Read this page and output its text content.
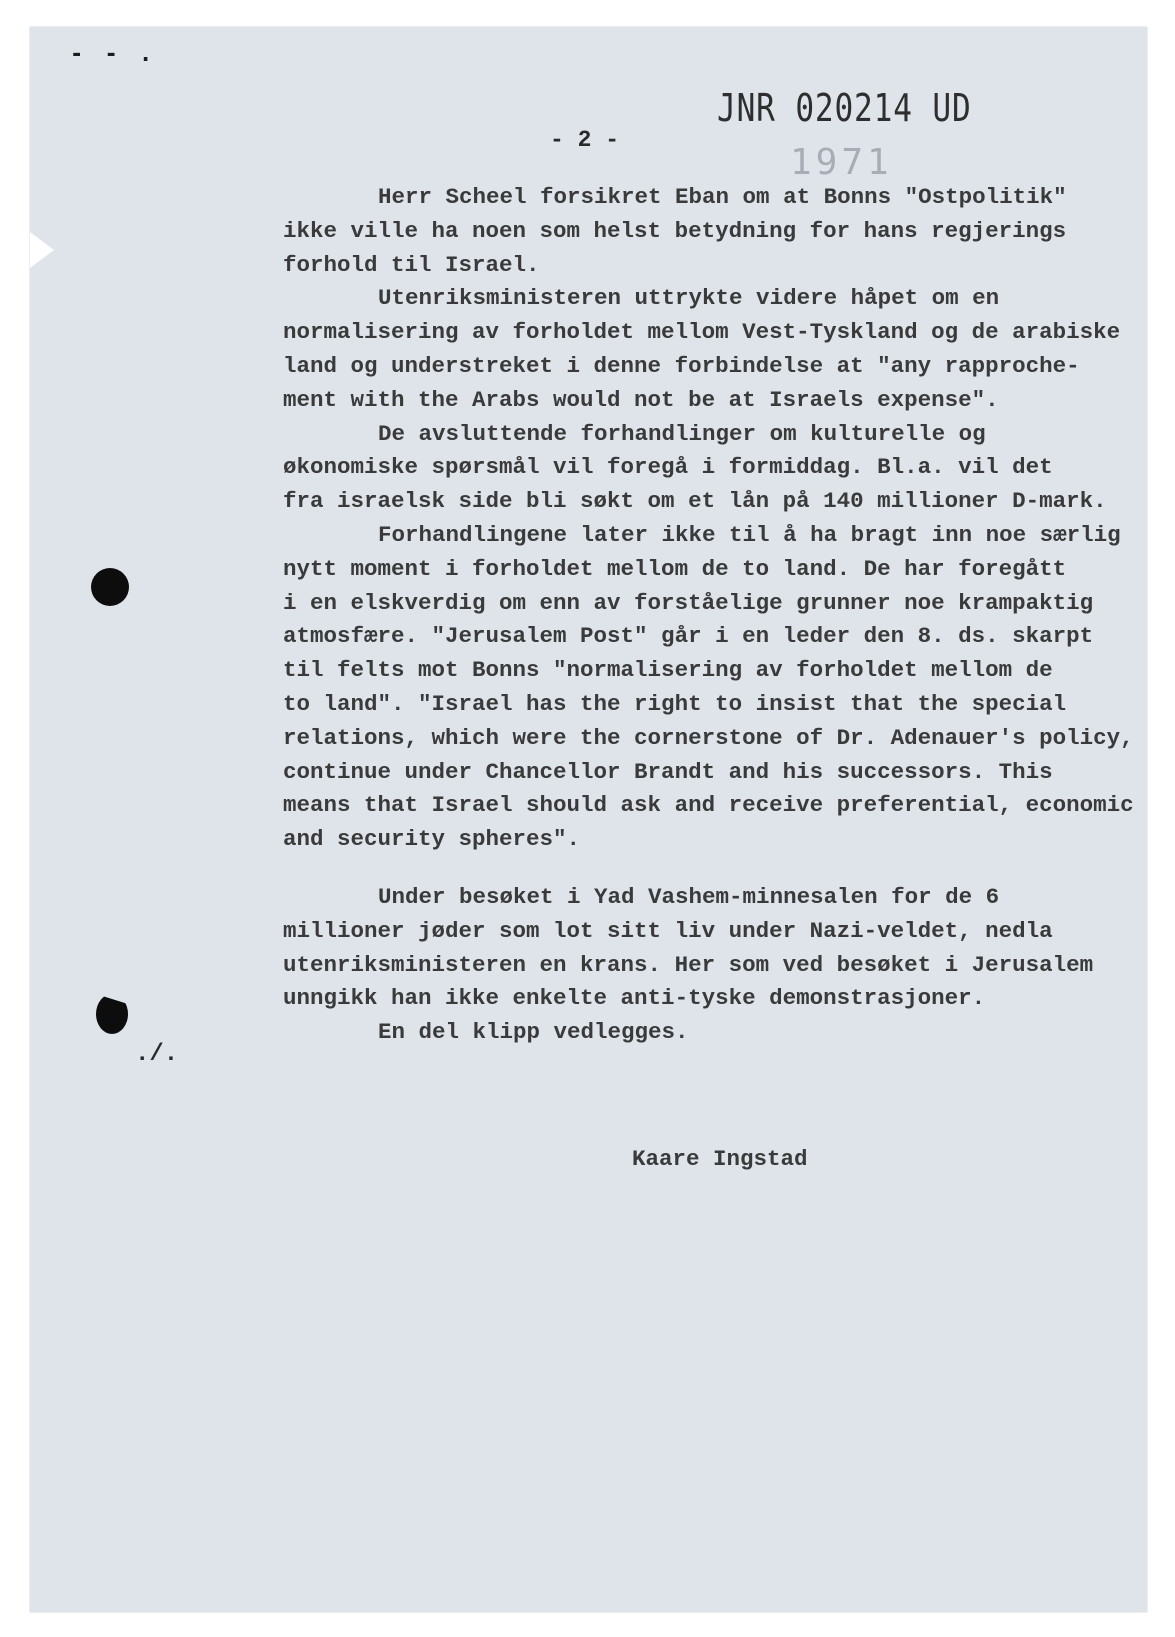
- - .
JNR 020214 UD
1971
- 2 -

Herr Scheel forsikret Eban om at Bonns "Ostpolitik"
ikke ville ha noen som helst betydning for hans regjerings
forhold til Israel.

Utenriksministeren uttrykte videre håpet om en
normalisering av forholdet mellom Vest-Tyskland og de arabiske
land og understreket i denne forbindelse at "any rapproche-
ment with the Arabs would not be at Israels expense".

De avsluttende forhandlinger om kulturelle og
økonomiske spørsmål vil foregå i formiddag. Bl.a. vil det
fra israelsk side bli søkt om et lån på 140 millioner D-mark.

Forhandlingene later ikke til å ha bragt inn noe særlig
nytt moment i forholdet mellom de to land. De har foregått
i en elskverdig om enn av forståelige grunner noe krampaktig
atmosfære. "Jerusalem Post" går i en leder den 8. ds. skarpt
til felts mot Bonns "normalisering av forholdet mellom de
to land". "Israel has the right to insist that the special
relations, which were the cornerstone of Dr. Adenauer's policy,
continue under Chancellor Brandt and his successors. This
means that Israel should ask and receive preferential, economic
and security spheres".

Under besøket i Yad Vashem-minnesalen for de 6
millioner jøder som lot sitt liv under Nazi-veldet, nedla
utenriksministeren en krans. Her som ved besøket i Jerusalem
unngikk han ikke enkelte anti-tyske demonstrasjoner.

En del klipp vedlegges.

./.
Kaare Ingstad
